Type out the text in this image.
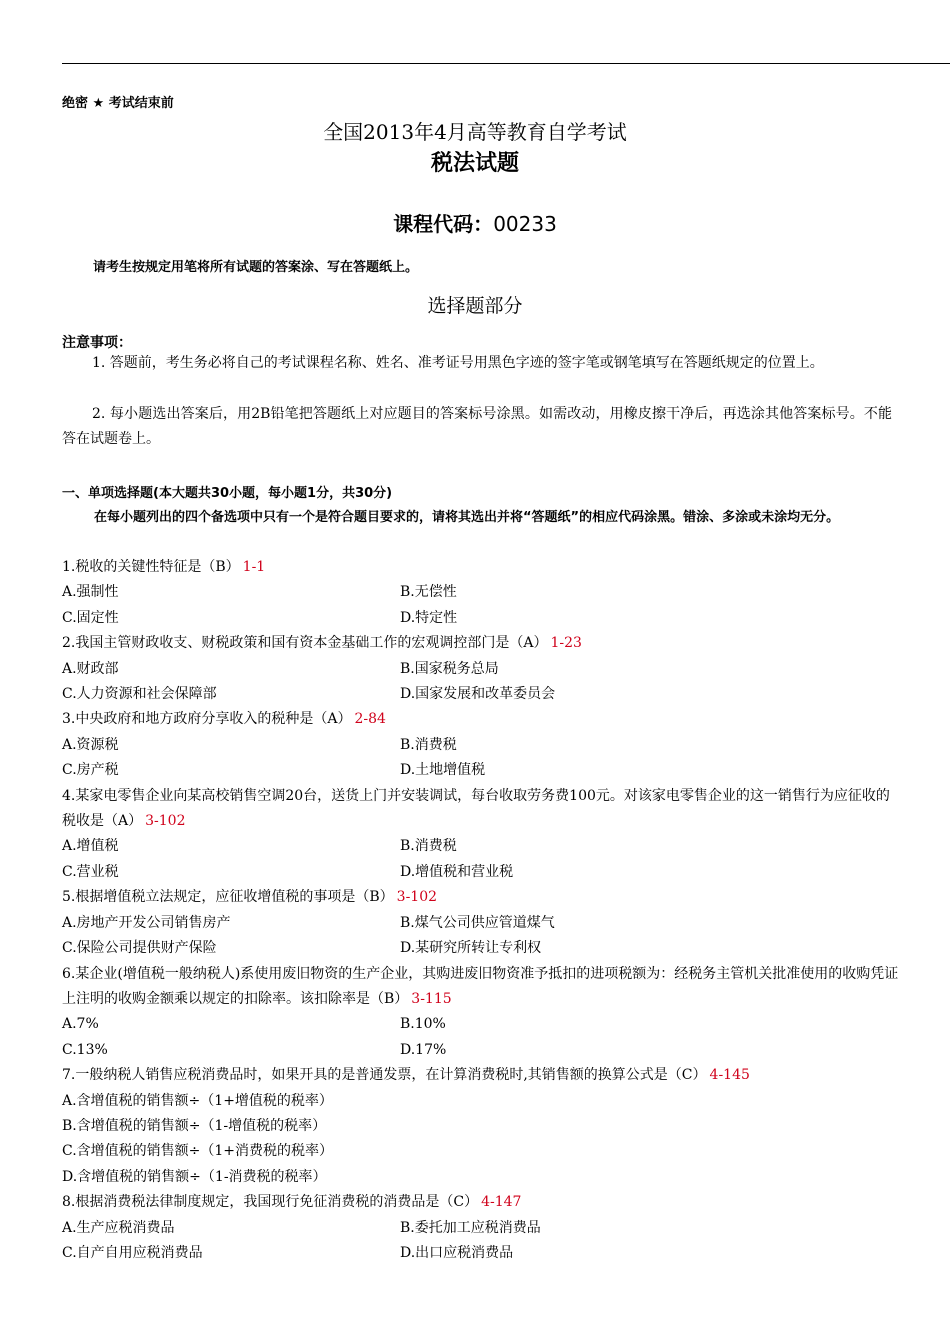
绝密 ★ 考试结束前
全国2013年4月高等教育自学考试
税法试题
课程代码：00233
请考生按规定用笔将所有试题的答案涂、写在答题纸上。
选择题部分
注意事项：
1. 答题前，考生务必将自己的考试课程名称、姓名、准考证号用黑色字迹的签字笔或钢笔填写在答题纸规定的位置上。
2. 每小题选出答案后，用2B铅笔把答题纸上对应题目的答案标号涂黑。如需改动，用橡皮擦干净后，再选涂其他答案标号。不能答在试题卷上。
一、单项选择题(本大题共30小题，每小题1分，共30分)
在每小题列出的四个备选项中只有一个是符合题目要求的，请将其选出并将“答题纸”的相应代码涂黑。错涂、多涂或未涂均无分。
1.税收的关键性特征是（B） 1-1
A.强制性	B.无偿性
C.固定性	D.特定性
2.我国主管财政收支、财税政策和国有资本金基础工作的宏观调控部门是（A） 1-23
A.财政部	B.国家税务总局
C.人力资源和社会保障部	D.国家发展和改革委员会
3.中央政府和地方政府分享收入的税种是（A） 2-84
A.资源税	B.消费税
C.房产税	D.土地增值税
4.某家电零售企业向某高校销售空调20台，送货上门并安装调试，每台收取劳务费100元。对该家电零售企业的这一销售行为应征收的税收是（A） 3-102
A.增值税	B.消费税
C.营业税	D.增值税和营业税
5.根据增值税立法规定，应征收增值税的事项是（B） 3-102
A.房地产开发公司销售房产	B.煤气公司供应管道煤气
C.保险公司提供财产保险	D.某研究所转让专利权
6.某企业(增值税一般纳税人)系使用废旧物资的生产企业，其购进废旧物资准予抵扣的进项税额为：经税务主管机关批准使用的收购凭证上注明的收购金额乘以规定的扣除率。该扣除率是（B） 3-115
A.7%	B.10%
C.13%	D.17%
7.一般纳税人销售应税消费品时，如果开具的是普通发票，在计算消费税时,其销售额的换算公式是（C） 4-145
A.含增值税的销售额÷（1+增值税的税率）
B.含增值税的销售额÷（1-增值税的税率）
C.含增值税的销售额÷（1+消费税的税率）
D.含增值税的销售额÷（1-消费税的税率）
8.根据消费税法律制度规定，我国现行免征消费税的消费品是（C） 4-147
A.生产应税消费品	B.委托加工应税消费品
C.自产自用应税消费品	D.出口应税消费品
